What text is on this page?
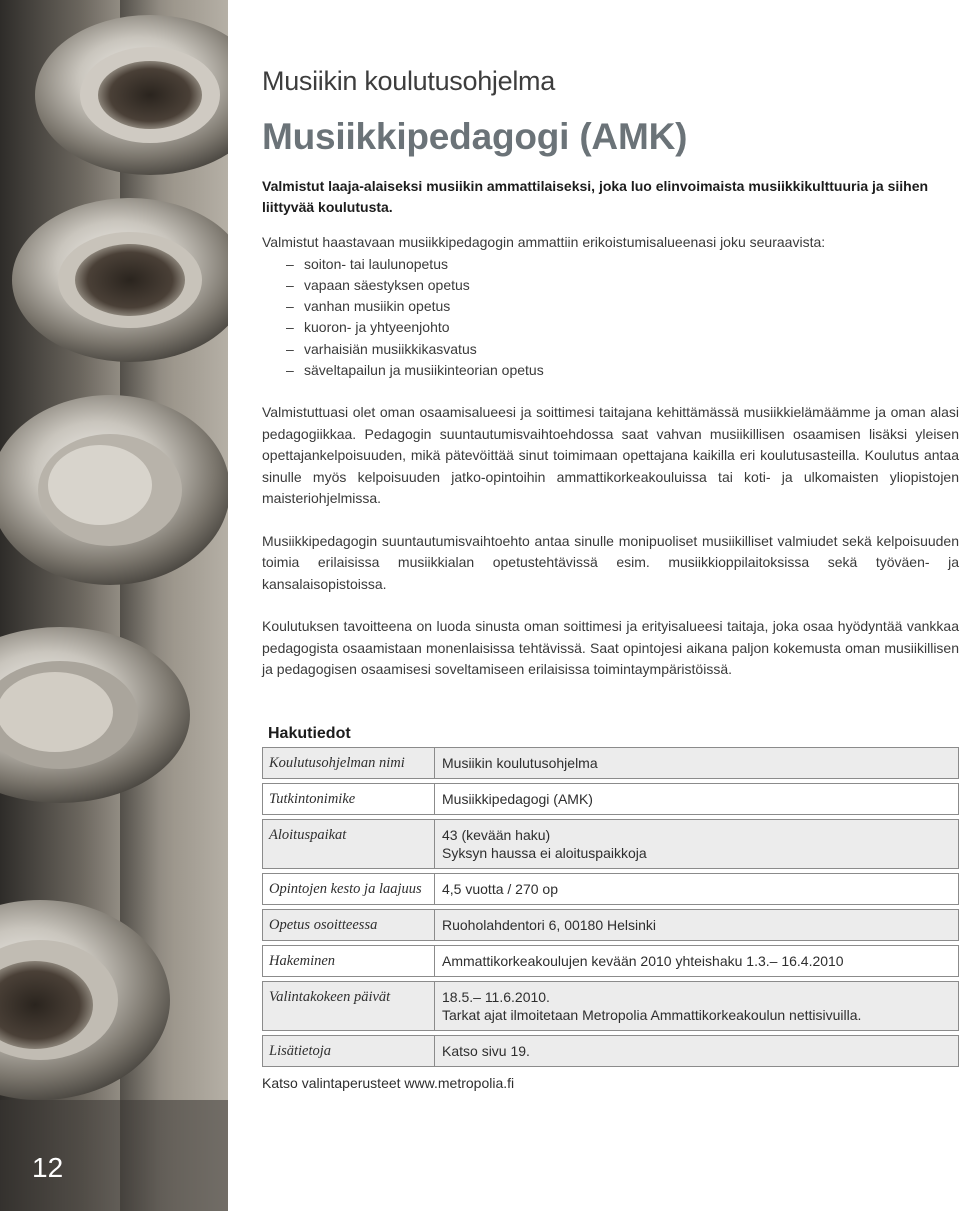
12
Musiikin koulutusohjelma
Musiikkipedagogi (AMK)

Valmistut laaja-alaiseksi musiikin ammattilaiseksi, joka luo elinvoimaista musiikkikulttuuria ja siihen liittyvää koulutusta.

Valmistut haastavaan musiikkipedagogin ammattiin erikoistumisalueenasi joku seuraavista:

– soiton- tai laulunopetus
– vapaan säestyksen opetus
– vanhan musiikin opetus
– kuoron- ja yhtyeenjohto
– varhaisiän musiikkikasvatus
– säveltapailun ja musiikinteorian opetus

Valmistuttuasi olet oman osaamisalueesi ja soittimesi taitajana kehittämässä musiikkielämäämme ja oman alasi pedagogiikkaa. Pedagogin suuntautumisvaihtoehdossa saat vahvan musiikillisen osaamisen lisäksi yleisen opettajankelpoisuuden, mikä pätevöittää sinut toimimaan opettajana kaikilla eri koulutusasteilla. Koulutus antaa sinulle myös kelpoisuuden jatko-opintoihin ammattikorkeakouluissa tai koti- ja ulkomaisten yliopistojen maisteriohjelmissa.

Musiikkipedagogin suuntautumisvaihtoehto antaa sinulle monipuoliset musiikilliset valmiudet sekä kelpoisuuden toimia erilaisissa musiikkialan opetustehtävissä esim. musiikkioppilaitoksissa sekä työväen- ja kansalaisopistoissa.

Koulutuksen tavoitteena on luoda sinusta oman soittimesi ja erityisalueesi taitaja, joka osaa hyödyntää vankkaa pedagogista osaamistaan monenlaisissa tehtävissä. Saat opintojesi aikana paljon kokemusta oman musiikillisen ja pedagogisen osaamisesi soveltamiseen erilaisissa toimintaympäristöissä.

Hakutiedot
Koulutusohjelman nimi	Musiikin koulutusohjelma

Tutkintonimike	Musiikkipedagogi (AMK)

Aloituspaikat	43 (kevään haku)
Syksyn haussa ei aloituspaikkoja

Opintojen kesto ja laajuus	4,5 vuotta / 270 op

Opetus osoitteessa	Ruoholahdentori 6, 00180 Helsinki

Hakeminen	Ammattikorkeakoulujen kevään 2010 yhteishaku 1.3.– 16.4.2010

Valintakokeen päivät	18.5.– 11.6.2010.
Tarkat ajat ilmoitetaan Metropolia Ammattikorkeakoulun nettisivuilla.

Lisätietoja	Katso sivu 19.

Katso valintaperusteet www.metropolia.fi
